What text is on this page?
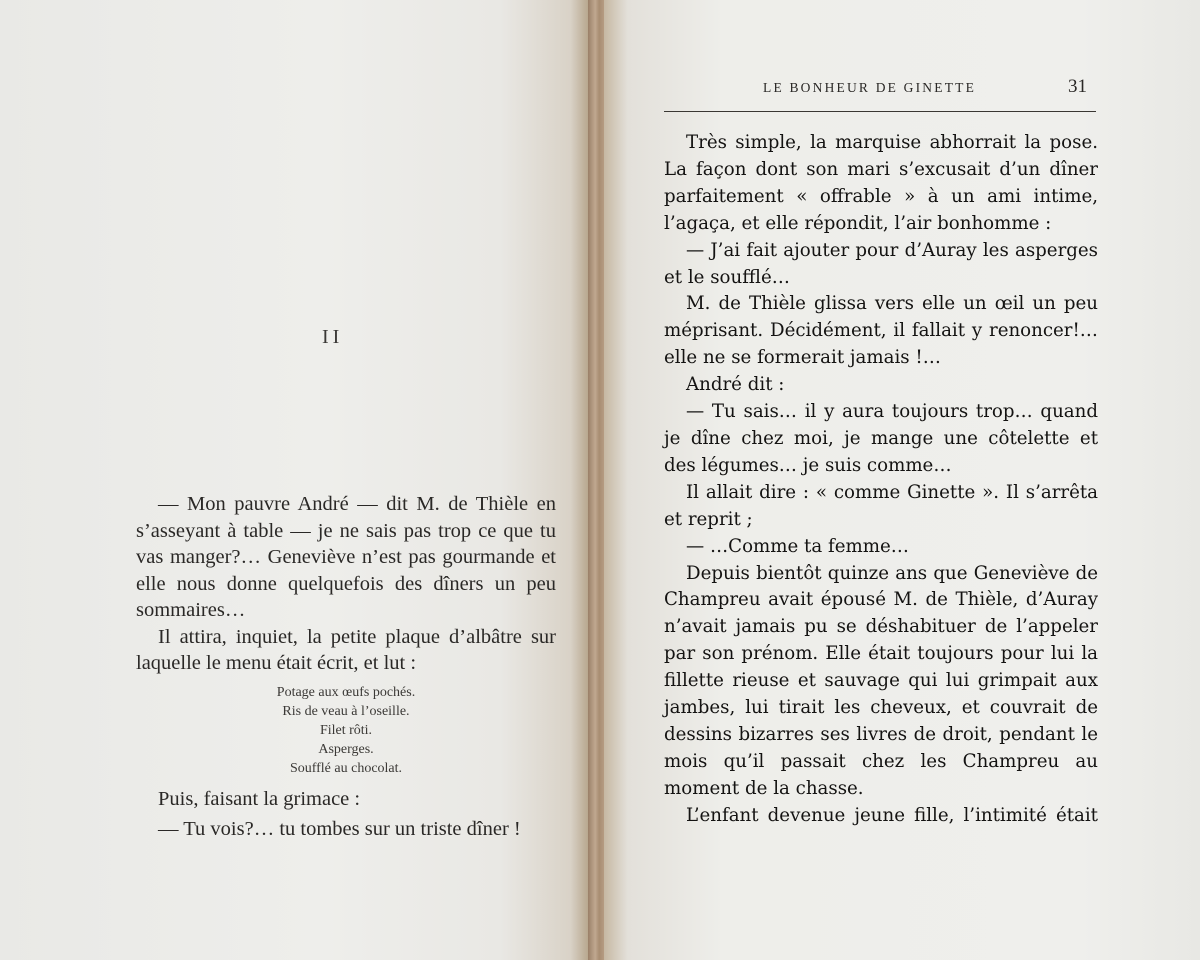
II

— Mon pauvre André — dit M. de Thièle en s’asseyant à table — je ne sais pas trop ce que tu vas manger?… Geneviève n’est pas gourmande et elle nous donne quelquefois des dîners un peu sommaires…

Il attira, inquiet, la petite plaque d’albâtre sur laquelle le menu était écrit, et lut :

Potage aux œufs pochés.
Ris de veau à l’oseille.
Filet rôti.
Asperges.
Soufflé au chocolat.

Puis, faisant la grimace :

— Tu vois?… tu tombes sur un triste dîner !

LE BONHEUR DE GINETTE	31

Très simple, la marquise abhorrait la pose. La façon dont son mari s’excusait d’un dîner parfaitement « offrable » à un ami intime, l’agaça, et elle répondit, l’air bonhomme :

— J’ai fait ajouter pour d’Auray les asperges et le soufflé…

M. de Thièle glissa vers elle un œil un peu méprisant. Décidément, il fallait y renoncer!… elle ne se formerait jamais !…

André dit :

— Tu sais… il y aura toujours trop… quand je dîne chez moi, je mange une côtelette et des légumes… je suis comme…

Il allait dire : « comme Ginette ». Il s’arrêta et reprit ;

— …Comme ta femme…

Depuis bientôt quinze ans que Geneviève de Champreu avait épousé M. de Thièle, d’Auray n’avait jamais pu se déshabituer de l’appeler par son prénom. Elle était toujours pour lui la fillette rieuse et sauvage qui lui grimpait aux jambes, lui tirait les cheveux, et couvrait de dessins bizarres ses livres de droit, pendant le mois qu’il passait chez les Champreu au moment de la chasse.

L’enfant devenue jeune fille, l’intimité était
